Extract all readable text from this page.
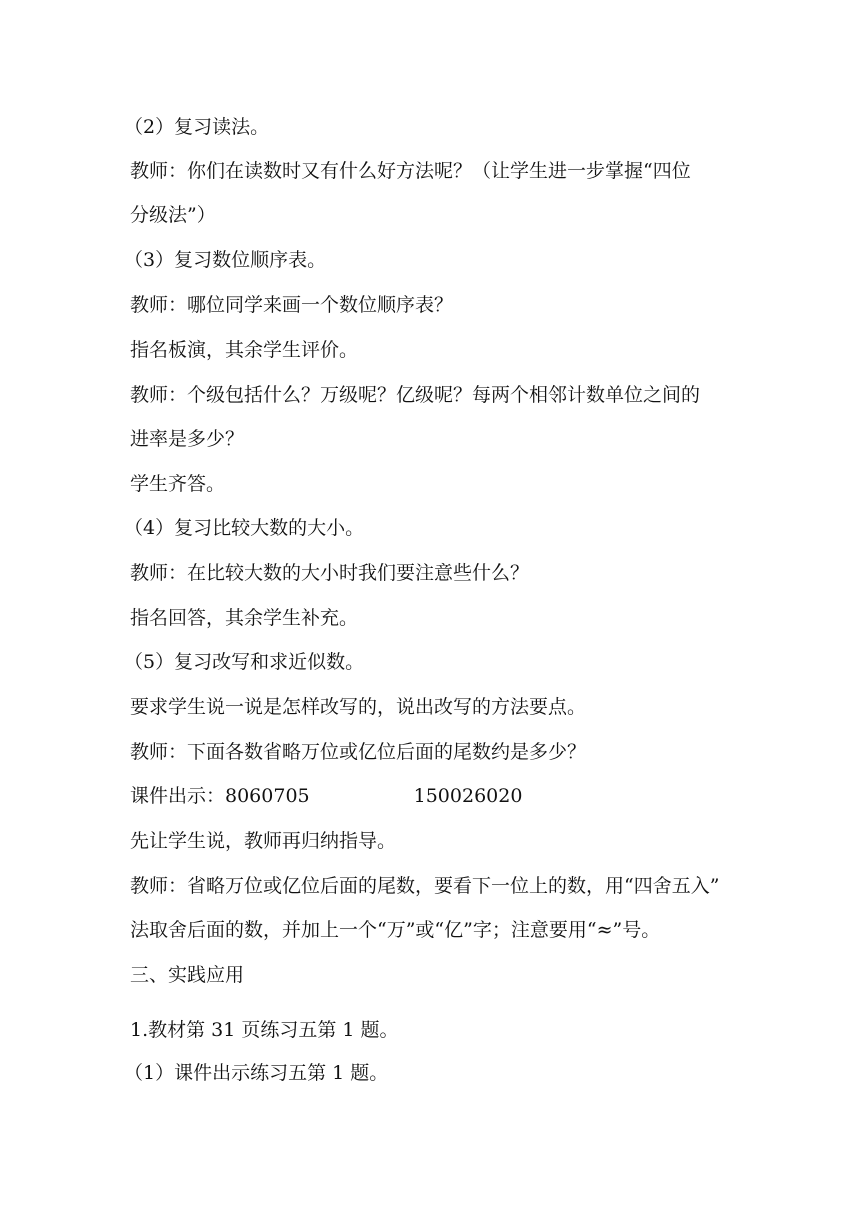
（2）复习读法。
教师：你们在读数时又有什么好方法呢？（让学生进一步掌握“四位
分级法”）
（3）复习数位顺序表。
教师：哪位同学来画一个数位顺序表？
指名板演，其余学生评价。
教师：个级包括什么？万级呢？亿级呢？每两个相邻计数单位之间的
进率是多少？
学生齐答。
（4）复习比较大数的大小。
教师：在比较大数的大小时我们要注意些什么？
指名回答，其余学生补充。
（5）复习改写和求近似数。
要求学生说一说是怎样改写的，说出改写的方法要点。
教师：下面各数省略万位或亿位后面的尾数约是多少？
课件出示：8060705	150026020
先让学生说，教师再归纳指导。
教师：省略万位或亿位后面的尾数，要看下一位上的数，用“四舍五入”
法取舍后面的数，并加上一个“万”或“亿”字；注意要用“≈”号。
三、实践应用
1.教材第 31 页练习五第 1 题。
（1）课件出示练习五第 1 题。
